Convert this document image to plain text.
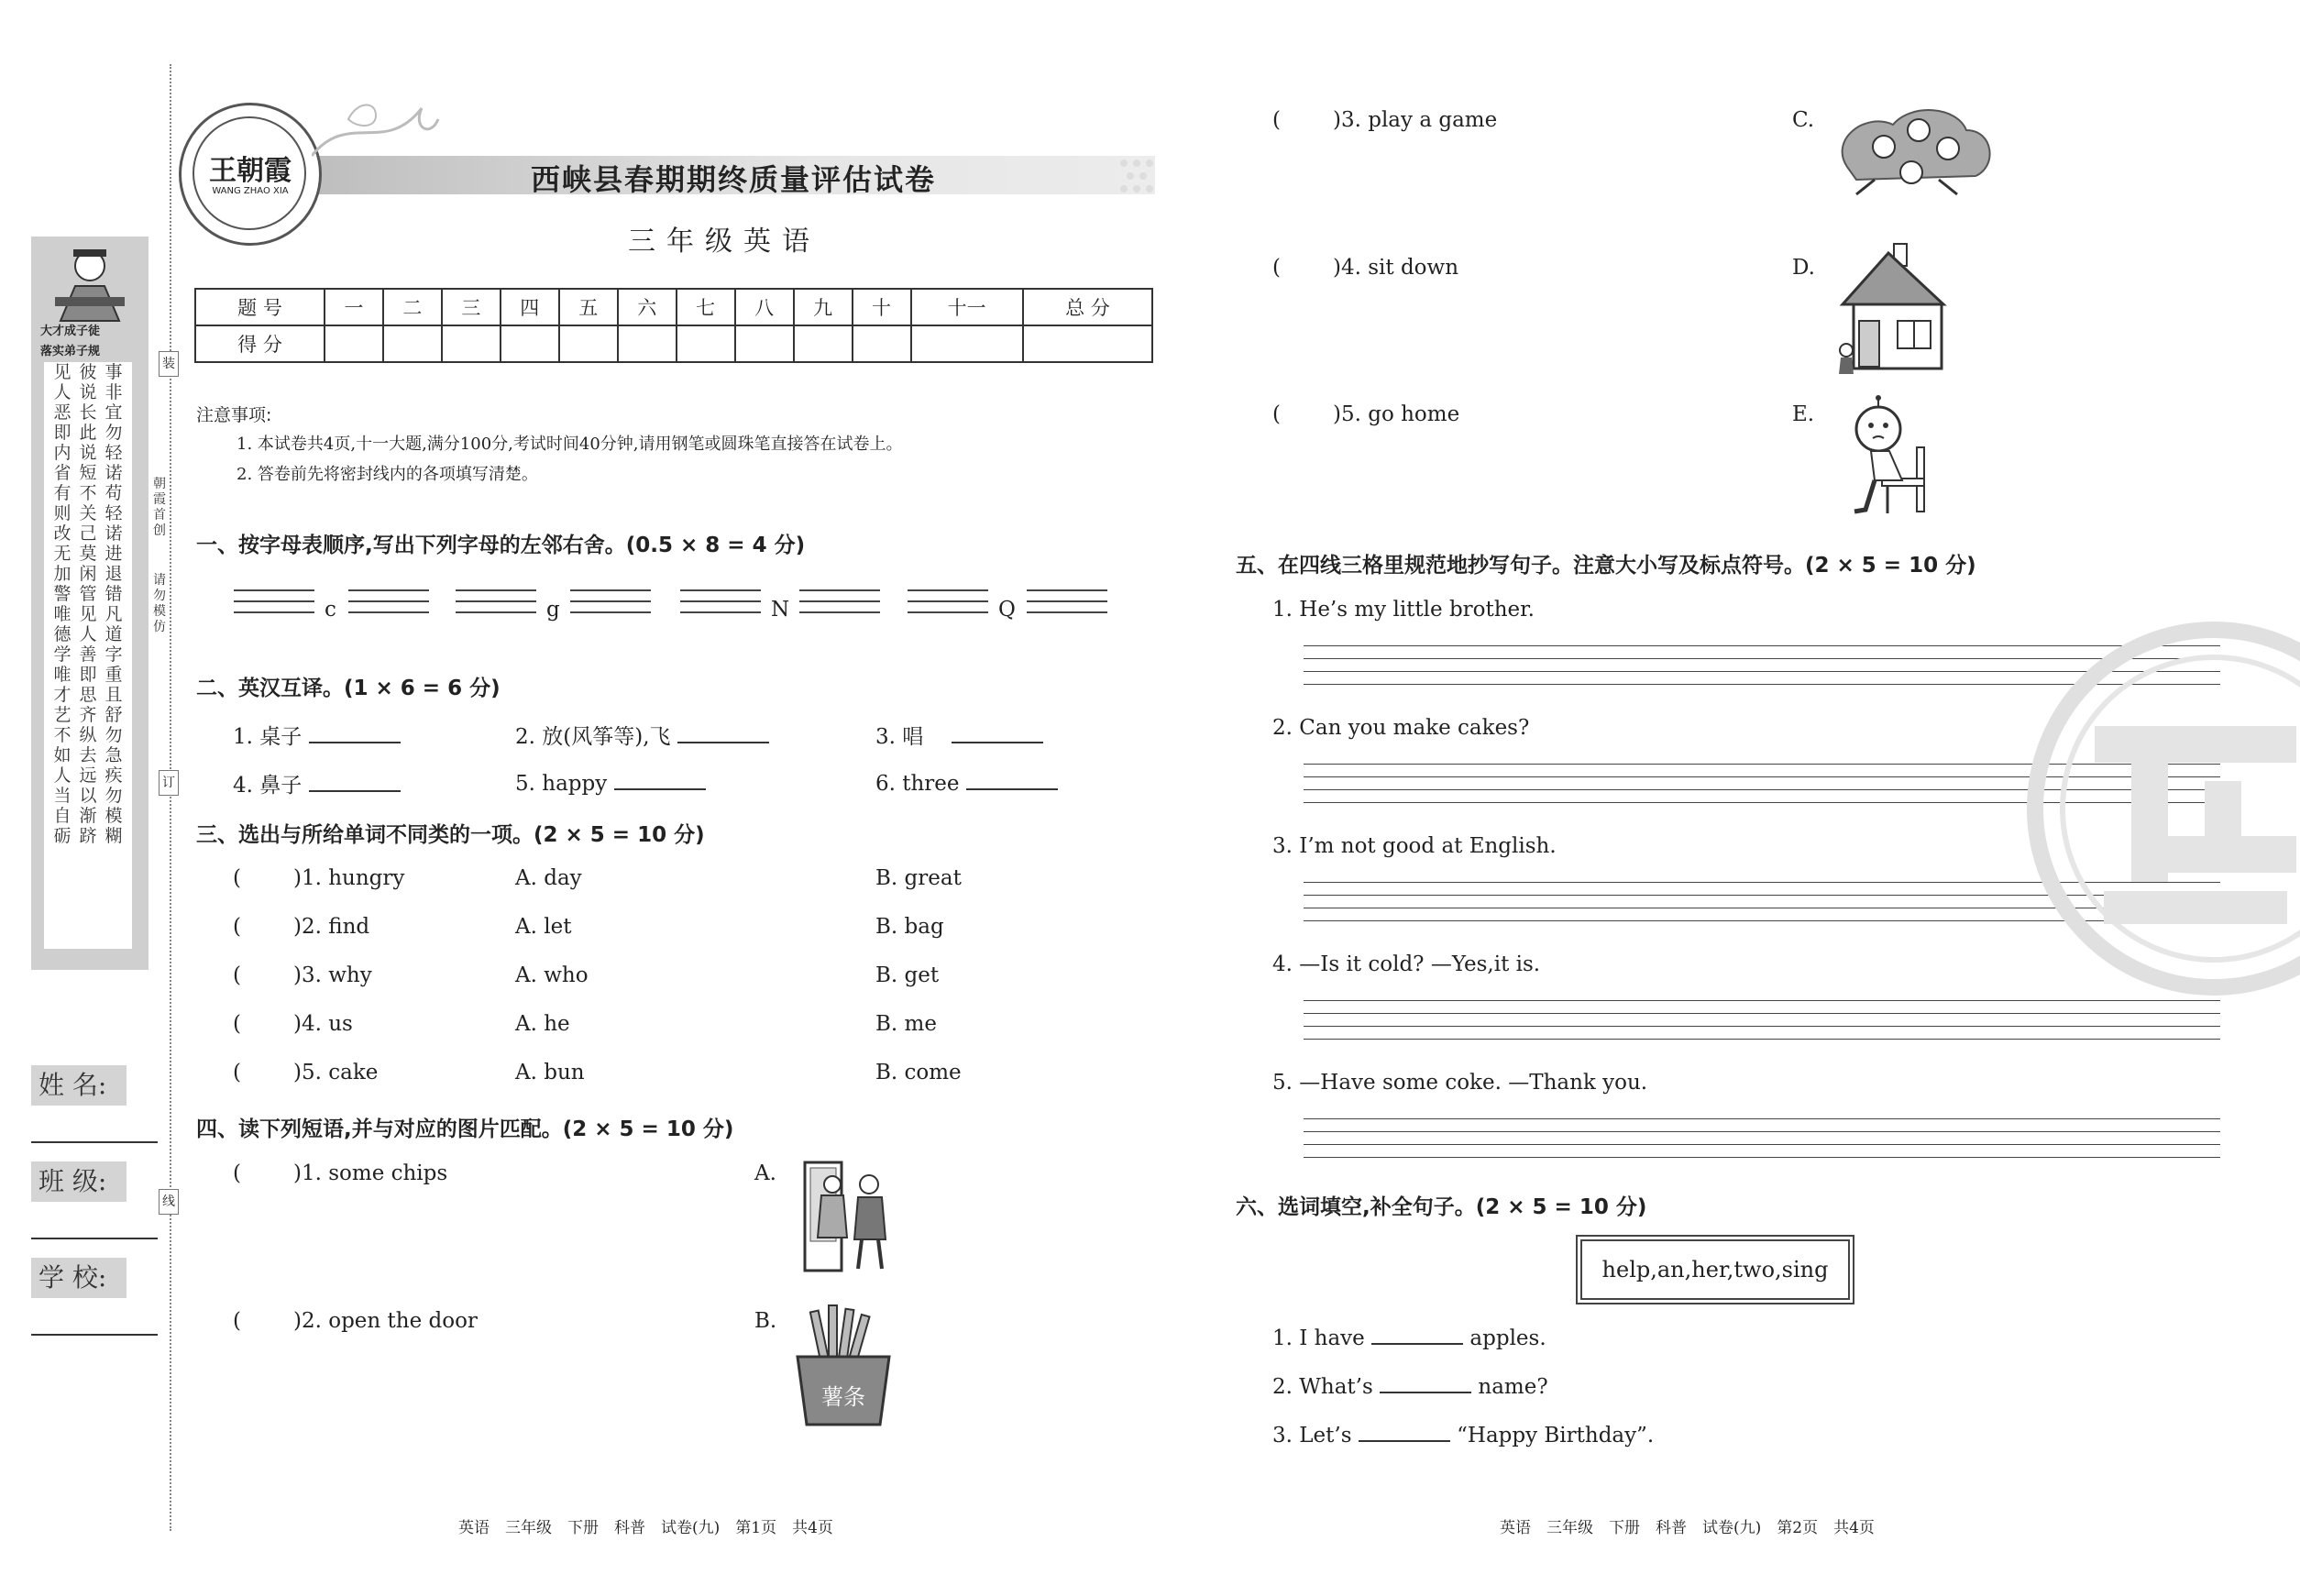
大才成子徒
落实弟子规
见人恶即内省有则改无加警唯德学唯才艺不如人当自砺
彼说长此说短不关己莫闲管见人善即思齐纵去远以渐跻
事非宜勿轻诺苟轻诺进退错凡道字重且舒勿急疾勿模糊
姓 名:
班 级:
学 校:
装
订
线
朝霞首创
请勿模仿
王朝霞
WANG ZHAO XIA	西峡县春期期终质量评估试卷
三年级英语
题 号	一	二	三	四	五	六	七	八	九	十	十一	总 分
得 分												
注意事项:
1. 本试卷共4页,十一大题,满分100分,考试时间40分钟,请用钢笔或圆珠笔直接答在试卷上。
2. 答卷前先将密封线内的各项填写清楚。
一、按字母表顺序,写出下列字母的左邻右舍。(0.5 × 8 = 4 分)
c	g	N	Q
二、英汉互译。(1 × 6 = 6 分)
1. 桌子	2. 放(风筝等),飞	3. 唱　
4. 鼻子	5. happy	6. three
三、选出与所给单词不同类的一项。(2 × 5 = 10 分)
( )1. hungry	A. day	B. great
( )2. find	A. let	B. bag
( )3. why	A. who	B. get
( )4. us	A. he	B. me
( )5. cake	A. bun	B. come
四、读下列短语,并与对应的图片匹配。(2 × 5 = 10 分)
( )1. some chips	A.
( )2. open the door	B.
薯条
( )3. play a game	C.
( )4. sit down	D.
( )5. go home	E.
五、在四线三格里规范地抄写句子。注意大小写及标点符号。(2 × 5 = 10 分)
1. He’s my little brother.
2. Can you make cakes?
3. I’m not good at English.
4. —Is it cold? —Yes,it is.
5. —Have some coke. —Thank you.
六、选词填空,补全句子。(2 × 5 = 10 分)
help,an,her,two,sing
1. I have	apples.
2. What’s	name?
3. Let’s	“Happy Birthday”.
英语　三年级　下册　科普　试卷(九)　第1页　共4页	英语　三年级　下册　科普　试卷(九)　第2页　共4页
